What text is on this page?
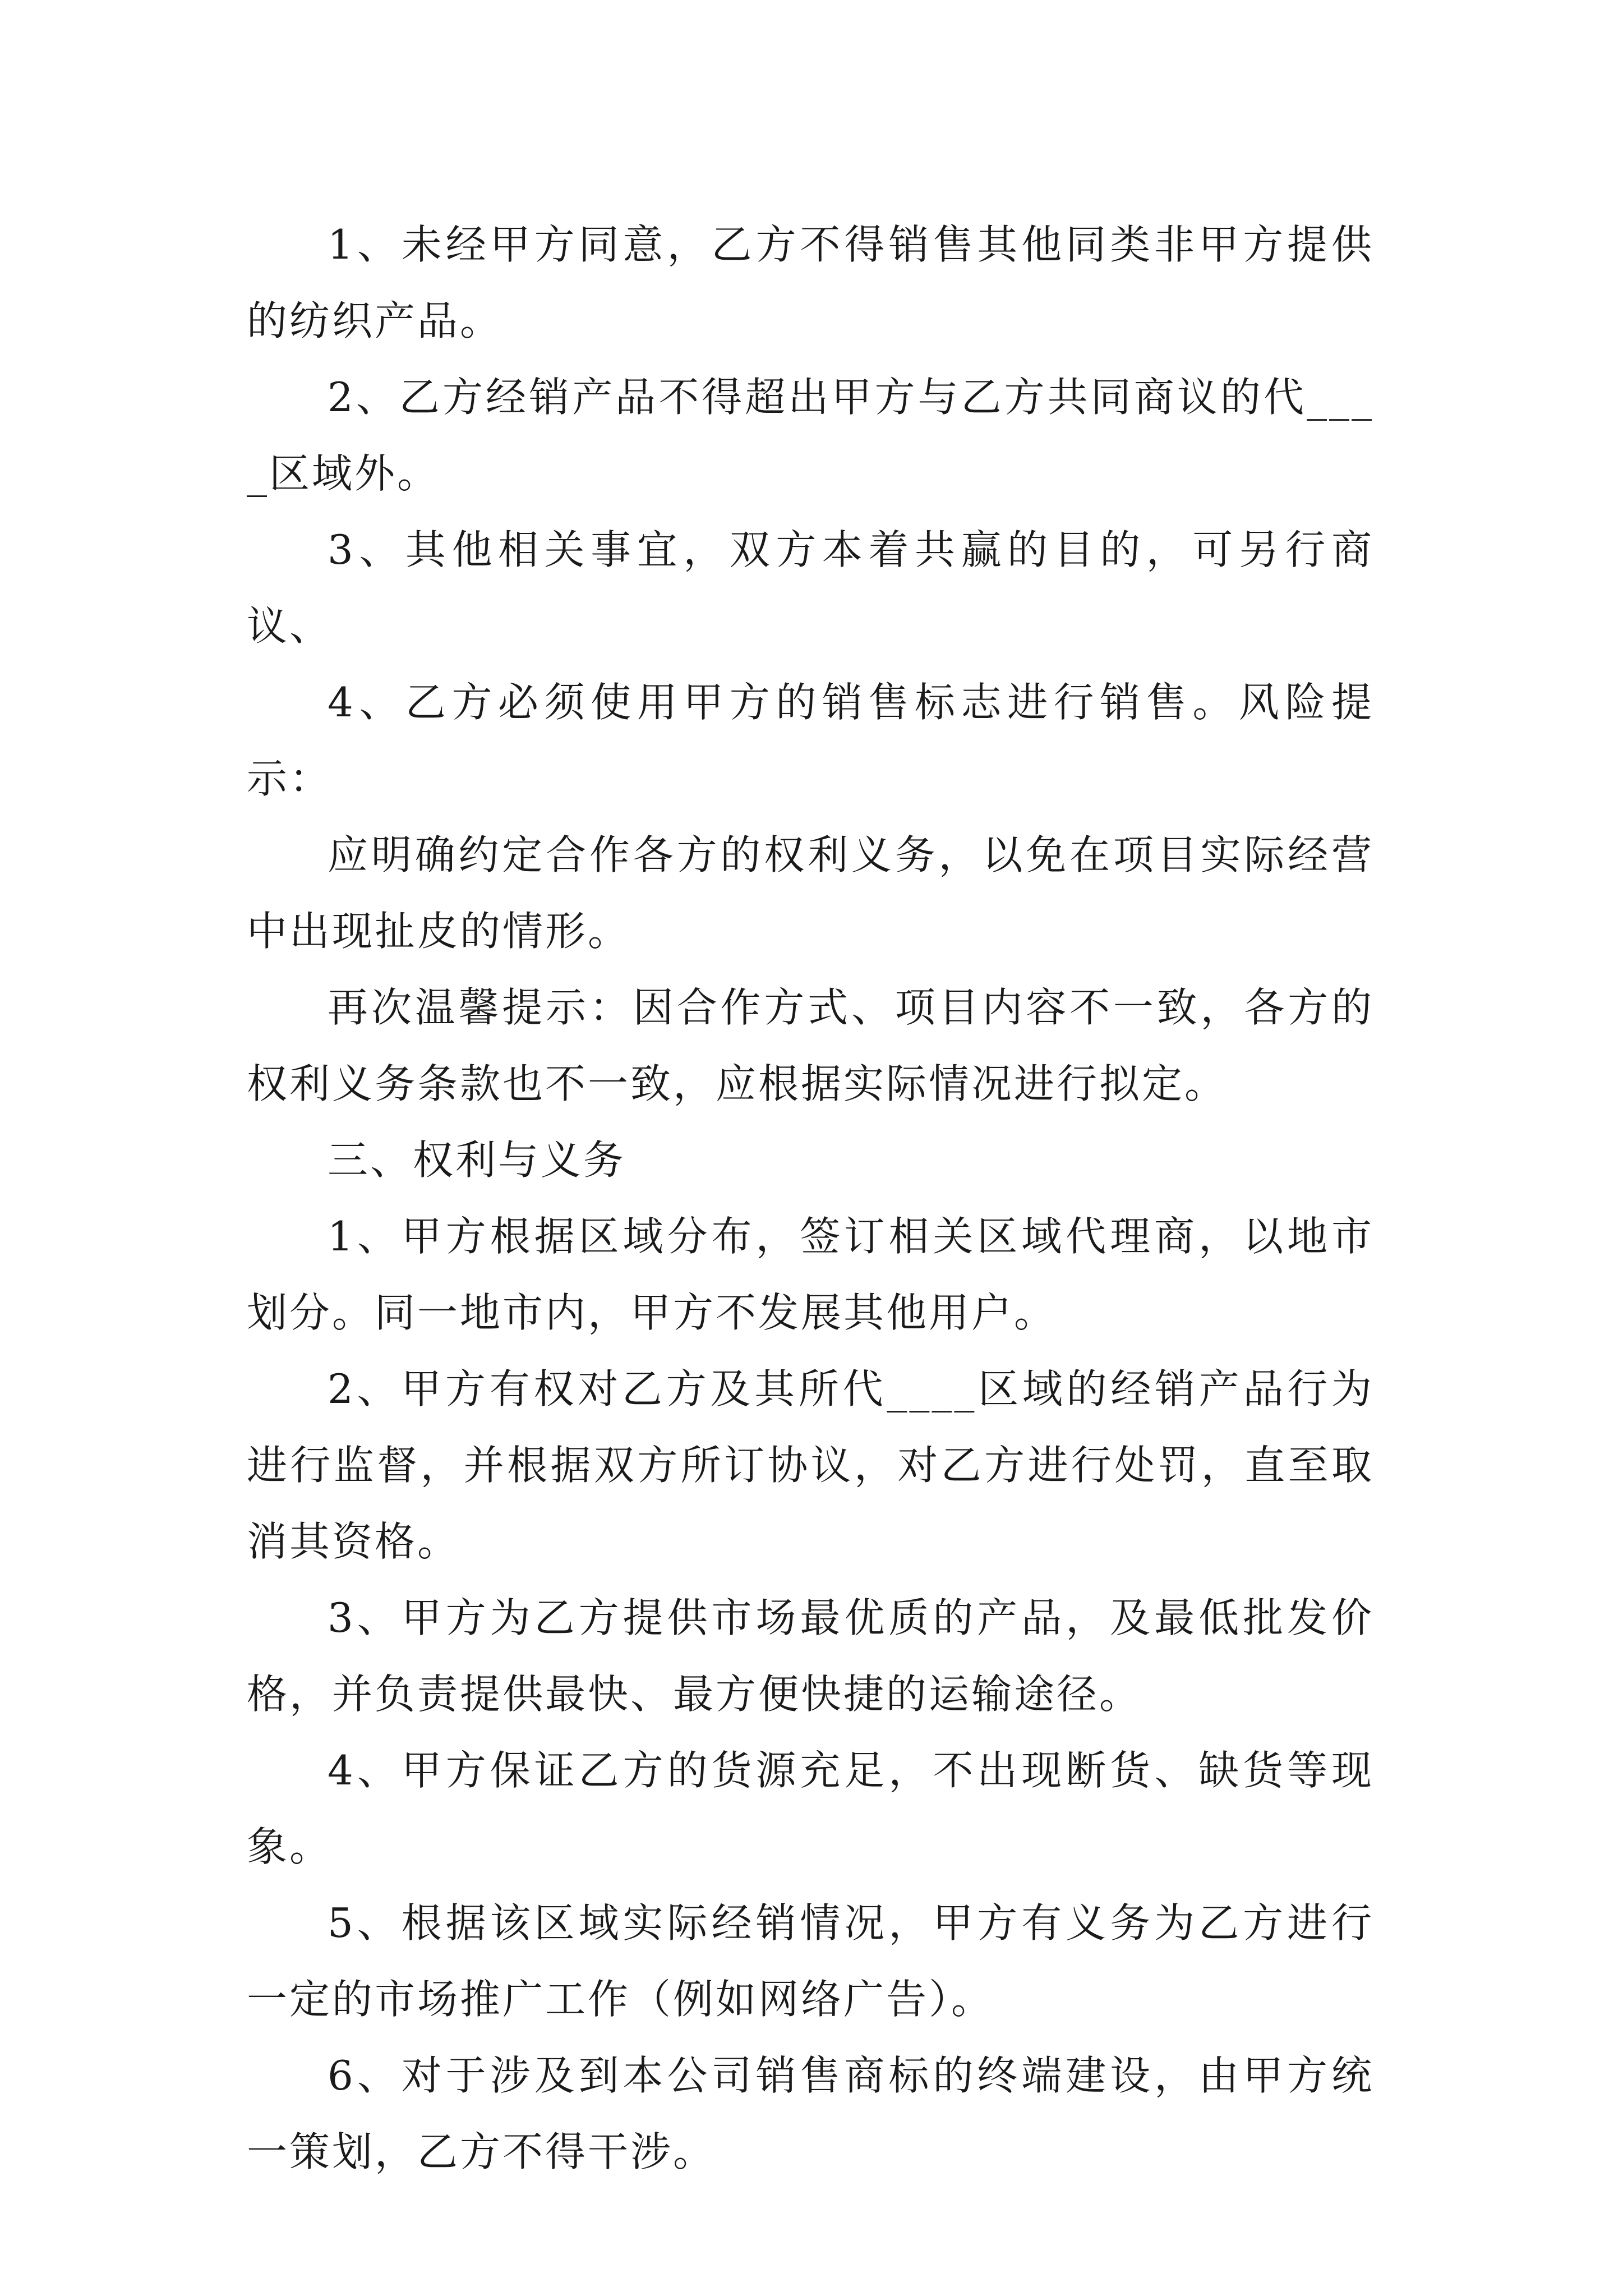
1、未经甲方同意，乙方不得销售其他同类非甲方提供的纺织产品。

2、乙方经销产品不得超出甲方与乙方共同商议的代____区域外。

3、其他相关事宜，双方本着共赢的目的，可另行商议、

4、乙方必须使用甲方的销售标志进行销售。风险提示：

应明确约定合作各方的权利义务，以免在项目实际经营中出现扯皮的情形。

再次温馨提示：因合作方式、项目内容不一致，各方的权利义务条款也不一致，应根据实际情况进行拟定。

三、权利与义务

1、甲方根据区域分布，签订相关区域代理商，以地市划分。同一地市内，甲方不发展其他用户。

2、甲方有权对乙方及其所代____区域的经销产品行为进行监督，并根据双方所订协议，对乙方进行处罚，直至取消其资格。

3、甲方为乙方提供市场最优质的产品，及最低批发价格，并负责提供最快、最方便快捷的运输途径。

4、甲方保证乙方的货源充足，不出现断货、缺货等现象。

5、根据该区域实际经销情况，甲方有义务为乙方进行一定的市场推广工作（例如网络广告）。

6、对于涉及到本公司销售商标的终端建设，由甲方统一策划，乙方不得干涉。
